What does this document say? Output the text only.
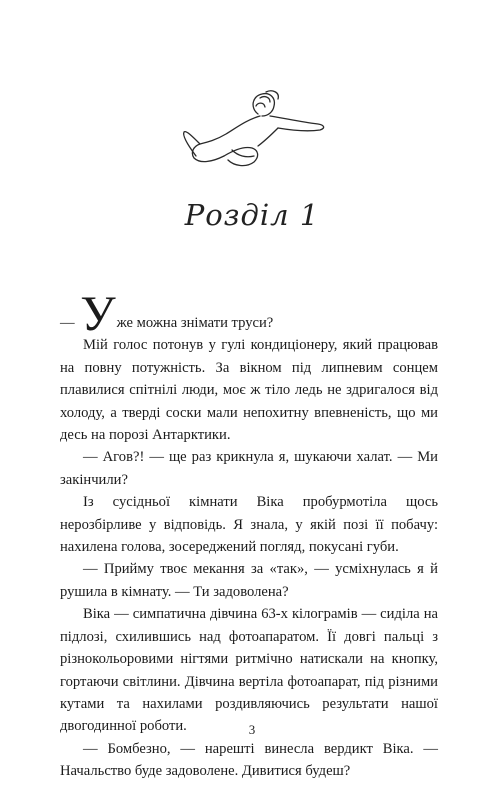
Розділ 1

— Уже можна знімати труси?

Мій голос потонув у гулі кондиціонеру, який працював на повну потужність. За вікном під липневим сонцем плавилися спітнілі люди, моє ж тіло ледь не здригалося від холоду, а тверді соски мали непохитну впевненість, що ми десь на порозі Антарктики.

— Агов?! — ще раз крикнула я, шукаючи халат. — Ми закінчили?

Із сусідньої кімнати Віка пробурмотіла щось нерозбірливе у відповідь. Я знала, у якій позі її побачу: нахилена голова, зосереджений погляд, покусані губи.

— Прийму твоє мекання за «так», — усміхнулась я й рушила в кімнату. — Ти задоволена?

Віка — симпатична дівчина 63-х кілограмів — сиділа на підлозі, схилившись над фотоапаратом. Її довгі пальці з різнокольоровими нігтями ритмічно натискали на кнопку, гортаючи світлини. Дівчина вертіла фотоапарат, під різними кутами та нахилами роздивляючись результати нашої двогодинної роботи.

— Бомбезно, — нарешті винесла вердикт Віка. — Начальство буде задоволене. Дивитися будеш?

3
